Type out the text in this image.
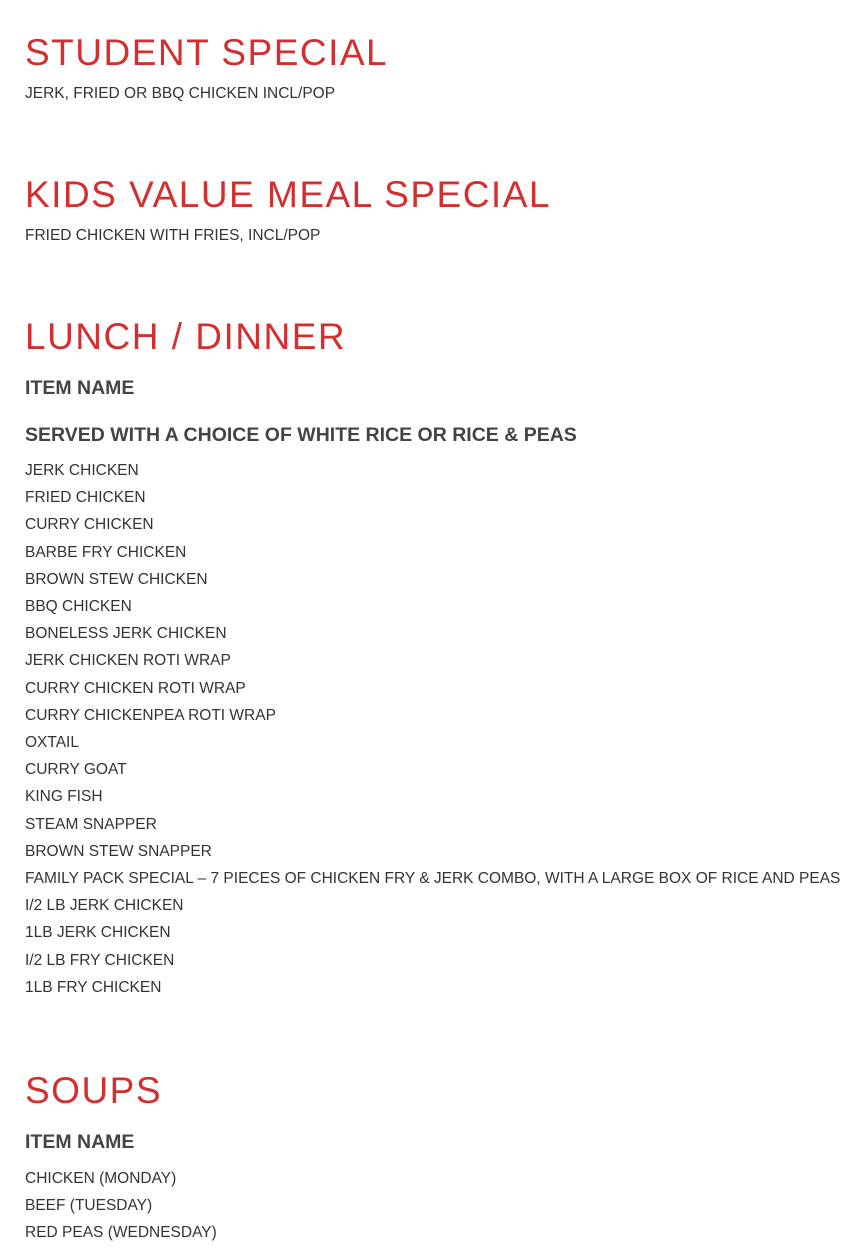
STUDENT SPECIAL

JERK, FRIED OR BBQ CHICKEN INCL/POP

KIDS VALUE MEAL SPECIAL

FRIED CHICKEN WITH FRIES, INCL/POP

LUNCH / DINNER
ITEM NAME
SERVED WITH A CHOICE OF WHITE RICE OR RICE & PEAS
JERK CHICKEN
FRIED CHICKEN
CURRY CHICKEN
BARBE FRY CHICKEN
BROWN STEW CHICKEN
BBQ CHICKEN
BONELESS JERK CHICKEN
JERK CHICKEN ROTI WRAP
CURRY CHICKEN ROTI WRAP
CURRY CHICKENPEA ROTI WRAP
OXTAIL
CURRY GOAT
KING FISH
STEAM SNAPPER
BROWN STEW SNAPPER
FAMILY PACK SPECIAL – 7 PIECES OF CHICKEN FRY & JERK COMBO, WITH A LARGE BOX OF RICE AND PEAS
I/2 LB JERK CHICKEN
1LB JERK CHICKEN
I/2 LB FRY CHICKEN
1LB FRY CHICKEN
SOUPS
ITEM NAME
CHICKEN (MONDAY)
BEEF (TUESDAY)
RED PEAS (WEDNESDAY)
